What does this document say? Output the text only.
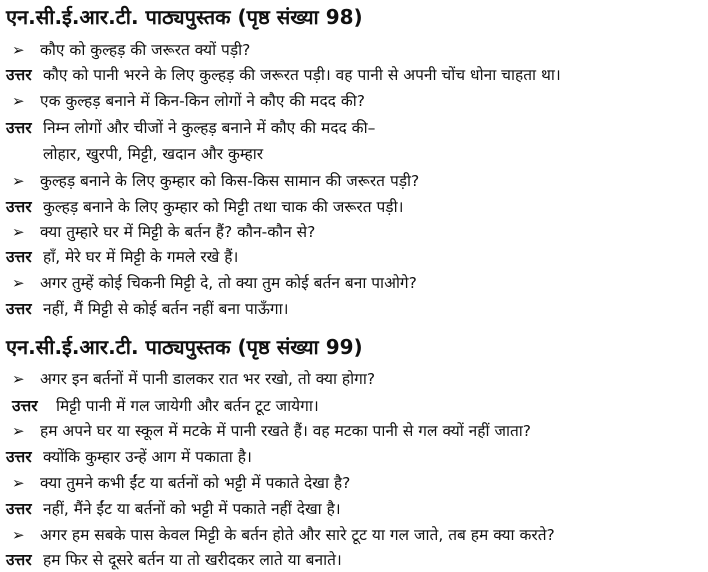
एन.सी.ई.आर.टी. पाठ्यपुस्तक (पृष्ठ संख्या 98)
➢ कौए को कुल्हड़ की जरूरत क्यों पड़ी?
उत्तर कौए को पानी भरने के लिए कुल्हड़ की जरूरत पड़ी। वह पानी से अपनी चोंच धोना चाहता था।
➢ एक कुल्हड़ बनाने में किन-किन लोगों ने कौए की मदद की?
उत्तर निम्न लोगों और चीजों ने कुल्हड़ बनाने में कौए की मदद की–
लोहार, खुरपी, मिट्टी, खदान और कुम्हार
➢ कुल्हड़ बनाने के लिए कुम्हार को किस-किस सामान की जरूरत पड़ी?
उत्तर कुल्हड़ बनाने के लिए कुम्हार को मिट्टी तथा चाक की जरूरत पड़ी।
➢ क्या तुम्हारे घर में मिट्टी के बर्तन हैं? कौन-कौन से?
उत्तर हाँ, मेरे घर में मिट्टी के गमले रखे हैं।
➢ अगर तुम्हें कोई चिकनी मिट्टी दे, तो क्या तुम कोई बर्तन बना पाओगे?
उत्तर नहीं, मैं मिट्टी से कोई बर्तन नहीं बना पाऊँगा।
एन.सी.ई.आर.टी. पाठ्यपुस्तक (पृष्ठ संख्या 99)
➢ अगर इन बर्तनों में पानी डालकर रात भर रखो, तो क्या होगा?
उत्तर मिट्टी पानी में गल जायेगी और बर्तन टूट जायेगा।
➢ हम अपने घर या स्कूल में मटके में पानी रखते हैं। वह मटका पानी से गल क्यों नहीं जाता?
उत्तर क्योंकि कुम्हार उन्हें आग में पकाता है।
➢ क्या तुमने कभी ईंट या बर्तनों को भट्टी में पकाते देखा है?
उत्तर नहीं, मैंने ईंट या बर्तनों को भट्टी में पकाते नहीं देखा है।
➢ अगर हम सबके पास केवल मिट्टी के बर्तन होते और सारे टूट या गल जाते, तब हम क्या करते?
उत्तर हम फिर से दूसरे बर्तन या तो खरीदकर लाते या बनाते।
